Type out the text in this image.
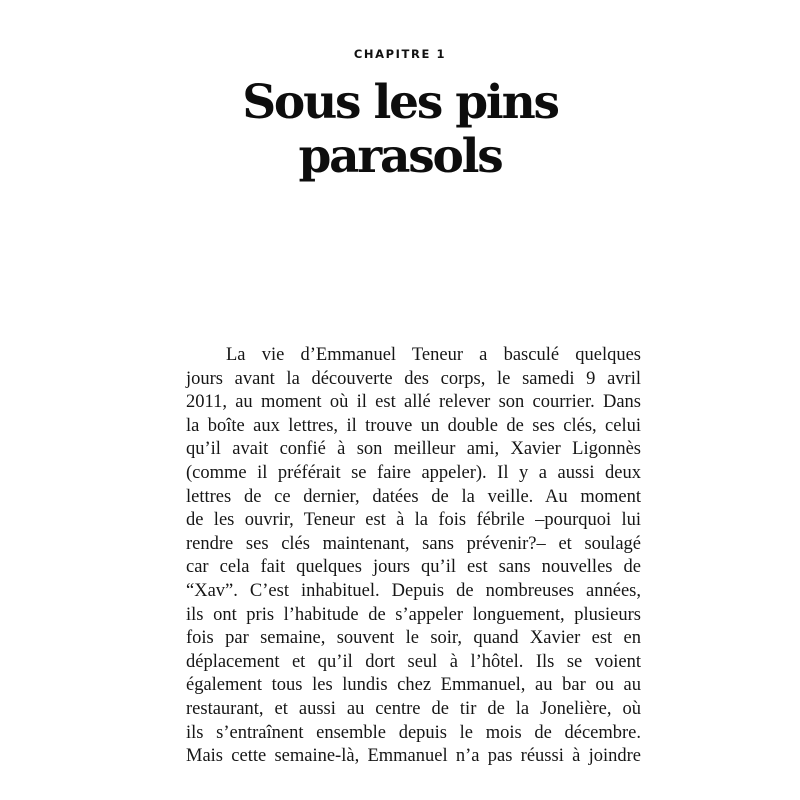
CHAPITRE 1
Sous les pins
parasols
La vie d’Emmanuel Teneur a basculé quelques
jours avant la découverte des corps, le samedi 9 avril
2011, au moment où il est allé relever son courrier. Dans
la boîte aux lettres, il trouve un double de ses clés, celui
qu’il avait confié à son meilleur ami, Xavier Ligonnès
(comme il préférait se faire appeler). Il y a aussi deux
lettres de ce dernier, datées de la veille. Au moment
de les ouvrir, Teneur est à la fois fébrile –pourquoi lui
rendre ses clés maintenant, sans prévenir?– et soulagé
car cela fait quelques jours qu’il est sans nouvelles de
“Xav”. C’est inhabituel. Depuis de nombreuses années,
ils ont pris l’habitude de s’appeler longuement, plusieurs
fois par semaine, souvent le soir, quand Xavier est en
déplacement et qu’il dort seul à l’hôtel. Ils se voient
également tous les lundis chez Emmanuel, au bar ou au
restaurant, et aussi au centre de tir de la Jonelière, où
ils s’entraînent ensemble depuis le mois de décembre.
Mais cette semaine-là, Emmanuel n’a pas réussi à joindre
